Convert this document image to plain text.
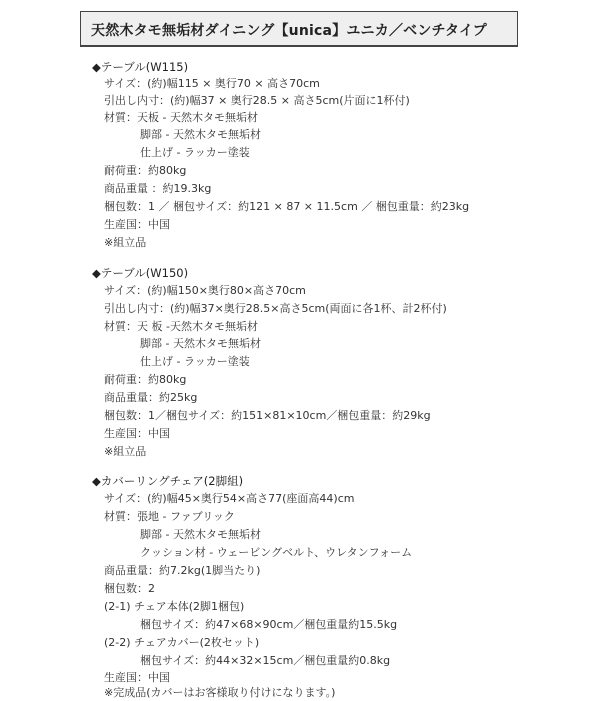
天然木タモ無垢材ダイニング【unica】ユニカ／ベンチタイプ
◆テーブル(W115)
サイズ：(約)幅115 × 奥行70 × 高さ70cm
引出し内寸：(約)幅37 × 奥行28.5 × 高さ5cm(片面に1杯付)
材質：天板 - 天然木タモ無垢材
脚部 - 天然木タモ無垢材
仕上げ - ラッカー塗装
耐荷重：約80kg
商品重量 ：約19.3kg
梱包数：1 ／ 梱包サイズ：約121 × 87 × 11.5cm ／ 梱包重量：約23kg
生産国：中国
※組立品
◆テーブル(W150)
サイズ：(約)幅150×奥行80×高さ70cm
引出し内寸：(約)幅37×奥行28.5×高さ5cm(両面に各1杯、計2杯付)
材質：天 板 -天然木タモ無垢材
脚部 - 天然木タモ無垢材
仕上げ - ラッカー塗装
耐荷重：約80kg
商品重量：約25kg
梱包数：1／梱包サイズ：約151×81×10cm／梱包重量：約29kg
生産国：中国
※組立品
◆カバーリングチェア(2脚組)
サイズ：(約)幅45×奥行54×高さ77(座面高44)cm
材質：張地 - ファブリック
脚部 - 天然木タモ無垢材
クッション材 - ウェービングベルト、ウレタンフォーム
商品重量：約7.2kg(1脚当たり)
梱包数：2
(2-1) チェア本体(2脚1梱包)
梱包サイズ：約47×68×90cm／梱包重量約15.5kg
(2-2) チェアカバー(2枚セット)
梱包サイズ：約44×32×15cm／梱包重量約0.8kg
生産国：中国
※完成品(カバーはお客様取り付けになります。)
